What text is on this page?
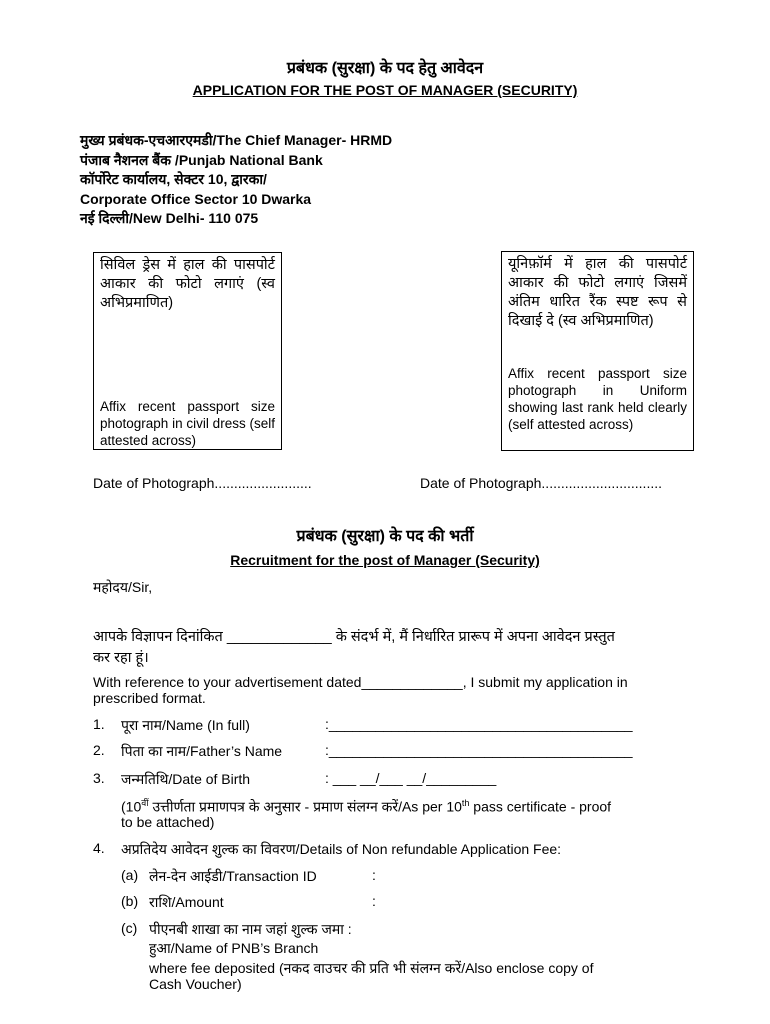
प्रबंधक (सुरक्षा) के पद हेतु आवेदन
APPLICATION FOR THE POST OF MANAGER (SECURITY)
मुख्य प्रबंधक-एचआरएमडी/The Chief Manager- HRMD
पंजाब नैशनल बैंक /Punjab National Bank
कॉर्पोरेट कार्यालय, सेक्टर 10, द्वारका/
Corporate Office Sector 10 Dwarka
नई दिल्ली/New Delhi- 110 075
सिविल ड्रेस में हाल की पासपोर्ट आकार की फोटो लगाएं (स्व अभिप्रमाणित)
Affix recent passport size photograph in civil dress (self attested across)
यूनिफ़ॉर्म में हाल की पासपोर्ट आकार की फोटो लगाएं जिसमें अंतिम धारित रैंक स्पष्ट रूप से दिखाई दे (स्व अभिप्रमाणित)
Affix recent passport size photograph in Uniform showing last rank held clearly (self attested across)
Date of Photograph.........................	Date of Photograph...............................
प्रबंधक (सुरक्षा) के पद की भर्ती
Recruitment for the post of Manager (Security)
महोदय/Sir,
आपके विज्ञापन दिनांकित _____________ के संदर्भ में, मैं निर्धारित प्रारूप में अपना आवेदन प्रस्तुत
कर रहा हूं।
With reference to your advertisement dated_____________, I submit my application in
prescribed format.
1. पूरा नाम/Name (In full)	:_______________________________________
2. पिता का नाम/Father’s Name	:_______________________________________
3. जन्मतिथि/Date of Birth	: ___ __/___ __/_________
($10^{वीं}$ उत्तीर्णता प्रमाणपत्र के अनुसार - प्रमाण संलग्न करें/As per 10th pass certificate - proof
to be attached)
4. अप्रतिदेय आवेदन शुल्क का विवरण/Details of Non refundable Application Fee:
(a) लेन-देन आईडी/Transaction ID	:
(b) राशि/Amount	:
(c) पीएनबी शाखा का नाम जहां शुल्क जमा :
हुआ/Name of PNB’s Branch
where fee deposited (नकद वाउचर की प्रति भी संलग्न करें/Also enclose copy of
Cash Voucher)
